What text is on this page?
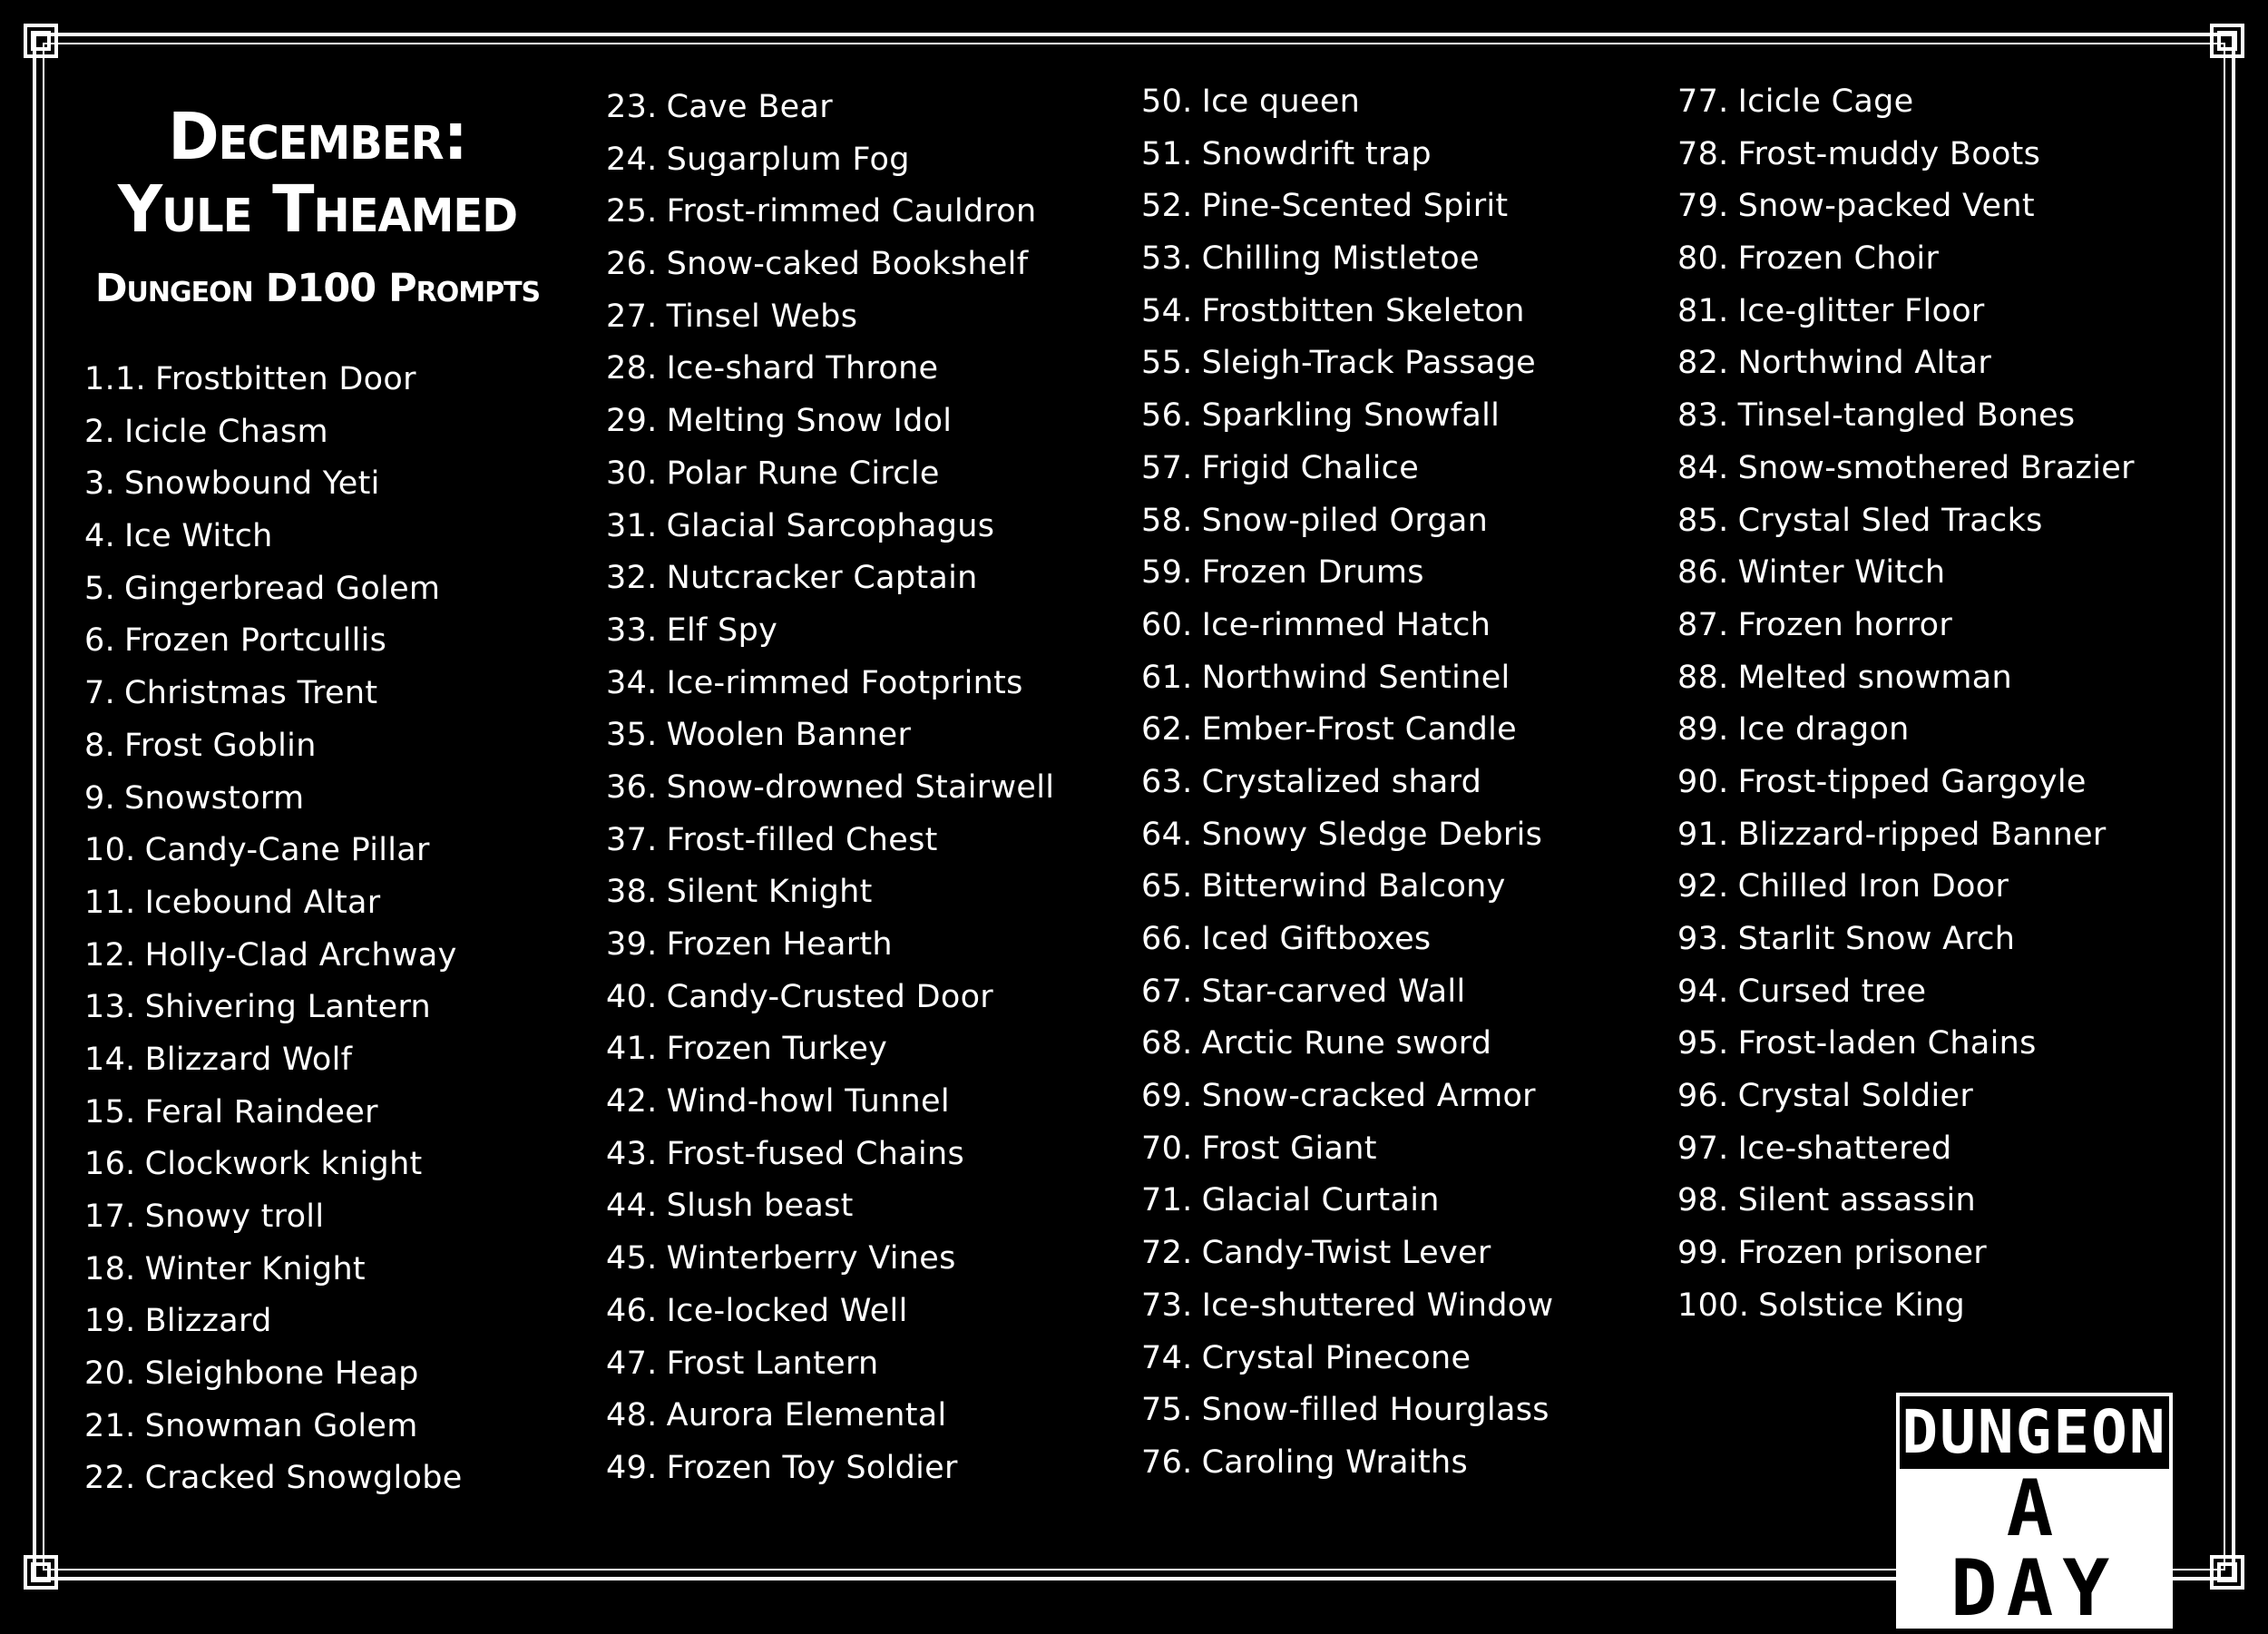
December:
Yule Theamed
Dungeon D100 Prompts
1.1. Frostbitten Door
2. Icicle Chasm
3. Snowbound Yeti
4. Ice Witch
5. Gingerbread Golem
6. Frozen Portcullis
7. Christmas Trent
8. Frost Goblin
9. Snowstorm
10. Candy-Cane Pillar
11. Icebound Altar
12. Holly-Clad Archway
13. Shivering Lantern
14. Blizzard Wolf
15. Feral Raindeer
16. Clockwork knight
17. Snowy troll
18. Winter Knight
19. Blizzard
20. Sleighbone Heap
21. Snowman Golem
22. Cracked Snowglobe
23. Cave Bear
24. Sugarplum Fog
25. Frost-rimmed Cauldron
26. Snow-caked Bookshelf
27. Tinsel Webs
28. Ice-shard Throne
29. Melting Snow Idol
30. Polar Rune Circle
31. Glacial Sarcophagus
32. Nutcracker Captain
33. Elf Spy
34. Ice-rimmed Footprints
35. Woolen Banner
36. Snow-drowned Stairwell
37. Frost-filled Chest
38. Silent Knight
39. Frozen Hearth
40. Candy-Crusted Door
41. Frozen Turkey
42. Wind-howl Tunnel
43. Frost-fused Chains
44. Slush beast
45. Winterberry Vines
46. Ice-locked Well
47. Frost Lantern
48. Aurora Elemental
49. Frozen Toy Soldier
50. Ice queen
51. Snowdrift trap
52. Pine-Scented Spirit
53. Chilling Mistletoe
54. Frostbitten Skeleton
55. Sleigh-Track Passage
56. Sparkling Snowfall
57. Frigid Chalice
58. Snow-piled Organ
59. Frozen Drums
60. Ice-rimmed Hatch
61. Northwind Sentinel
62. Ember-Frost Candle
63. Crystalized shard
64. Snowy Sledge Debris
65. Bitterwind Balcony
66. Iced Giftboxes
67. Star-carved Wall
68. Arctic Rune sword
69. Snow-cracked Armor
70. Frost Giant
71. Glacial Curtain
72. Candy-Twist Lever
73. Ice-shuttered Window
74. Crystal Pinecone
75. Snow-filled Hourglass
76. Caroling Wraiths
77. Icicle Cage
78. Frost-muddy Boots
79. Snow-packed Vent
80. Frozen Choir
81. Ice-glitter Floor
82. Northwind Altar
83. Tinsel-tangled Bones
84. Snow-smothered Brazier
85. Crystal Sled Tracks
86. Winter Witch
87. Frozen horror
88. Melted snowman
89. Ice dragon
90. Frost-tipped Gargoyle
91. Blizzard-ripped Banner
92. Chilled Iron Door
93. Starlit Snow Arch
94. Cursed tree
95. Frost-laden Chains
96. Crystal Soldier
97. Ice-shattered
98. Silent assassin
99. Frozen prisoner
100. Solstice King
DUNGEON
A DAY
